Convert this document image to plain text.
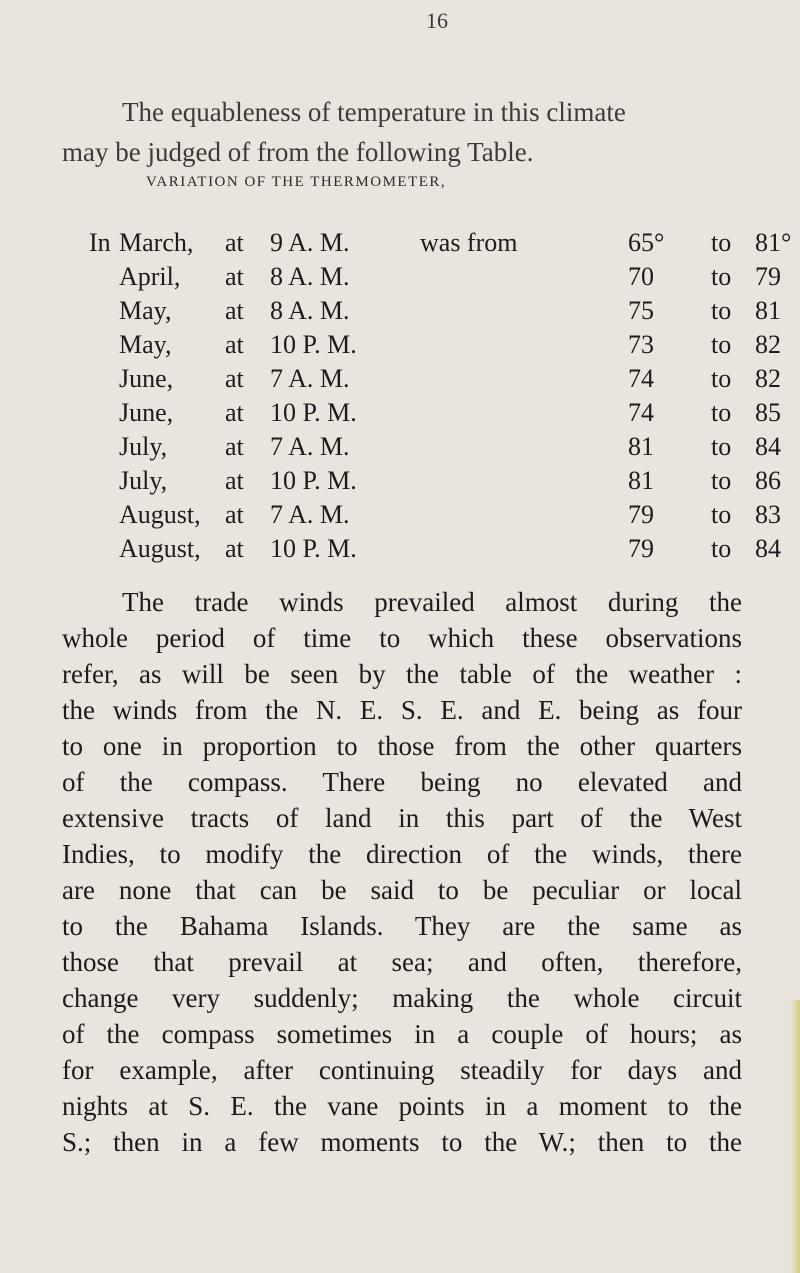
16
The equableness of temperature in this climate
may be judged of from the following Table.
VARIATION OF THE THERMOMETER,
In March, at 9 A. M.	was from	65° to 81°
April, at 8 A. M.	70 to 79
May, at 8 A. M.	75 to 81
May, at 10 P. M.	73 to 82
June, at 7 A. M.	74 to 82
June, at 10 P. M.	74 to 85
July, at 7 A. M.	81 to 84
July, at 10 P. M.	81 to 86
August, at 7 A. M.	79 to 83
August, at 10 P. M.	79 to 84
The trade winds prevailed almost during the
whole period of time to which these observations
refer, as will be seen by the table of the weather :
the winds from the N. E. S. E. and E. being as four
to one in proportion to those from the other quarters
of the compass. There being no elevated and
extensive tracts of land in this part of the West
Indies, to modify the direction of the winds, there
are none that can be said to be peculiar or local
to the Bahama Islands. They are the same as
those that prevail at sea; and often, therefore,
change very suddenly; making the whole circuit
of the compass sometimes in a couple of hours; as
for example, after continuing steadily for days and
nights at S. E. the vane points in a moment to the
S.; then in a few moments to the W.; then to the
